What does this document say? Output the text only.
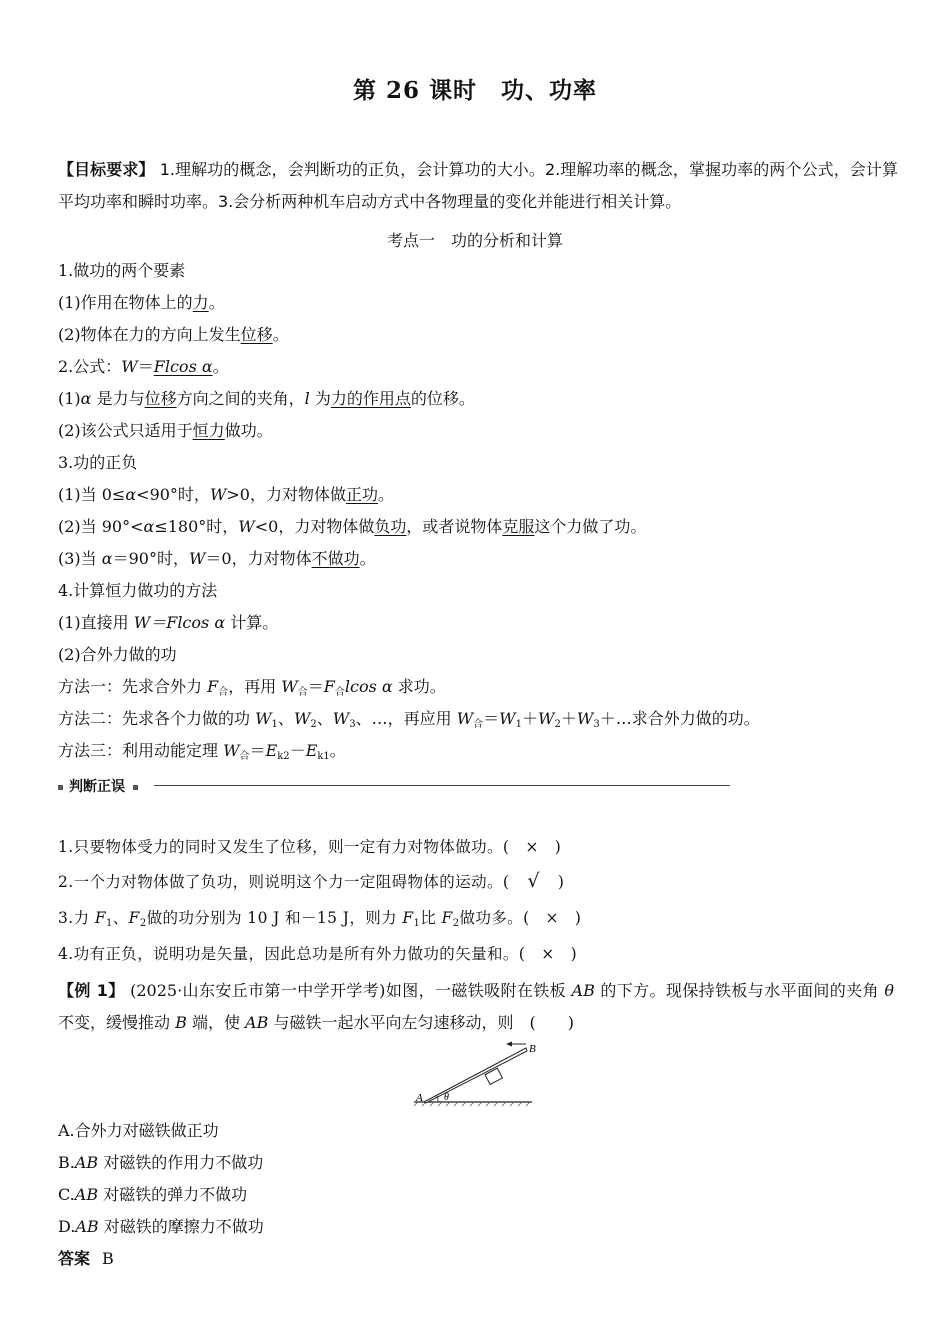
第 26 课时　功、功率
【目标要求】 1.理解功的概念，会判断功的正负，会计算功的大小。2.理解功率的概念，掌握功率的两个公式，会计算平均功率和瞬时功率。3.会分析两种机车启动方式中各物理量的变化并能进行相关计算。
考点一　功的分析和计算
1.做功的两个要素
(1)作用在物体上的力。
(2)物体在力的方向上发生位移。
2.公式：W＝Flcos α。
(1)α 是力与位移方向之间的夹角，l 为力的作用点的位移。
(2)该公式只适用于恒力做功。
3.功的正负
(1)当 0≤α<90°时，W>0，力对物体做正功。
(2)当 90°<α≤180°时，W<0，力对物体做负功，或者说物体克服这个力做了功。
(3)当 α＝90°时，W＝0，力对物体不做功。
4.计算恒力做功的方法
(1)直接用 W＝Flcos α 计算。
(2)合外力做的功
方法一：先求合外力 $F_合$，再用 $W_合=F_合lcos$ α 求功。
方法二：先求各个力做的功 $W_1$、$W_2$、$W_3$、…，再应用 $W_合=W_1+W_2+W_3+\dots$求合外力做的功。
方法三：利用动能定理 $W_合=E_{k2}-E_{k1}$。
判断正误
1.只要物体受力的同时又发生了位移，则一定有力对物体做功。( × )
2.一个力对物体做了负功，则说明这个力一定阻碍物体的运动。( √ )
3.力 $F_1$、$F_2$做的功分别为 10 J 和－15 J，则力 $F_1$比 $F_2$做功多。( × )
4.功有正负，说明功是矢量，因此总功是所有外力做功的矢量和。( × )
【例 1】 (2025·山东安丘市第一中学开学考)如图，一磁铁吸附在铁板 AB 的下方。现保持铁板与水平面间的夹角 θ 不变，缓慢推动 B 端，使 AB 与磁铁一起水平向左匀速移动，则　(　　)
A
B
θ
A.合外力对磁铁做正功
B.AB 对磁铁的作用力不做功
C.AB 对磁铁的弹力不做功
D.AB 对磁铁的摩擦力不做功
答案 B
